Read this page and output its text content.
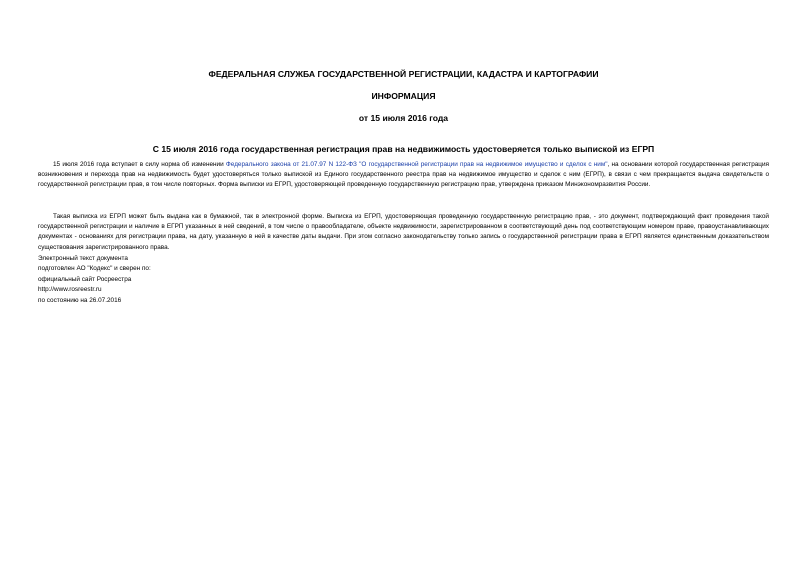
ФЕДЕРАЛЬНАЯ СЛУЖБА ГОСУДАРСТВЕННОЙ РЕГИСТРАЦИИ, КАДАСТРА И КАРТОГРАФИИ
ИНФОРМАЦИЯ
от 15 июля 2016 года
С 15 июля 2016 года государственная регистрация прав на недвижимость удостоверяется только выпиской из ЕГРП
15 июля 2016 года вступает в силу норма об изменении Федерального закона от 21.07.97 N 122-ФЗ "О государственной регистрации прав на недвижимое имущество и сделок с ним", на основании которой государственная регистрация возникновения и перехода прав на недвижимость будет удостоверяться только выпиской из Единого государственного реестра прав на недвижимое имущество и сделок с ним (ЕГРП), в связи с чем прекращается выдача свидетельств о государственной регистрации прав, в том числе повторных. Форма выписки из ЕГРП, удостоверяющей проведенную государственную регистрацию прав, утверждена приказом Минэкономразвития России.
Такая выписка из ЕГРП может быть выдана как в бумажной, так в электронной форме. Выписка из ЕГРП, удостоверяющая проведенную государственную регистрацию прав, - это документ, подтверждающий факт проведения такой государственной регистрации и наличие в ЕГРП указанных в ней сведений, в том числе о правообладателе, объекте недвижимости, зарегистрированном в соответствующий день под соответствующим номером праве, правоустанавливающих документах - основаниях для регистрации права, на дату, указанную в ней в качестве даты выдачи. При этом согласно законодательству только запись о государственной регистрации права в ЕГРП является единственным доказательством существования зарегистрированного права.
Электронный текст документа
подготовлен АО "Кодекс" и сверен по:
официальный сайт Росреестра
http://www.rosreestr.ru
по состоянию на 26.07.2016
